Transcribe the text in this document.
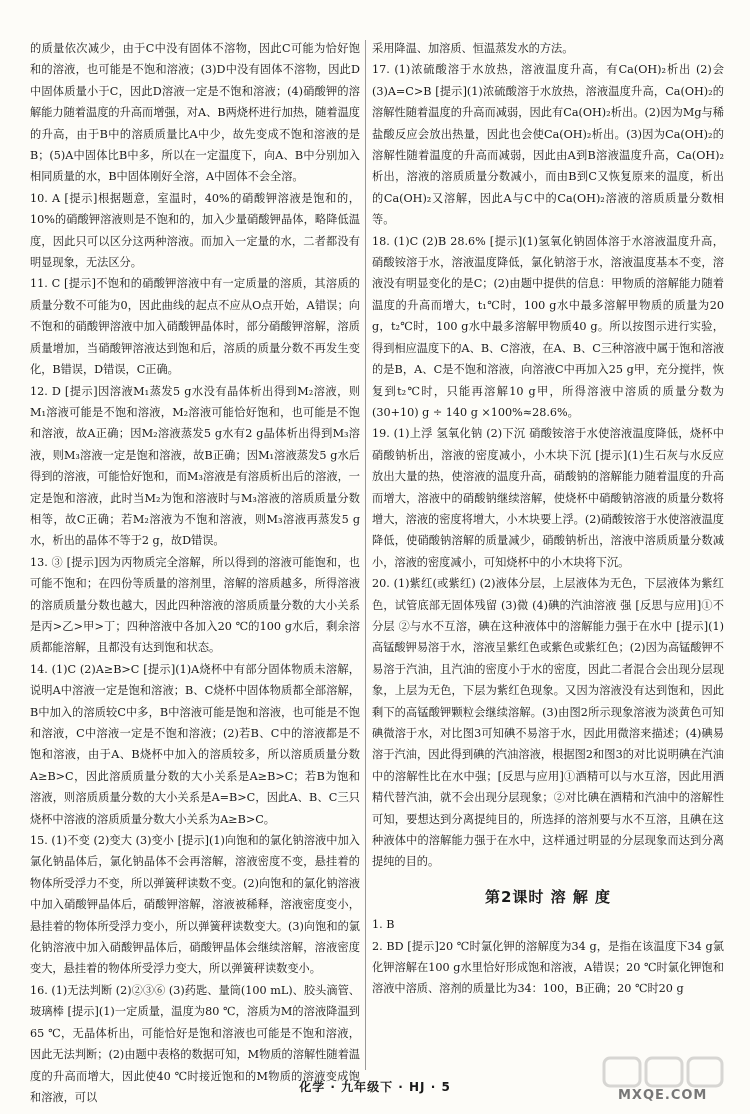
的质量依次减少，由于C中没有固体不溶物，因此C可能为恰好饱和的溶液，也可能是不饱和溶液；(3)D中没有固体不溶物，因此D中固体质量小于C，因此D溶液一定是不饱和溶液；(4)硝酸钾的溶解能力随着温度的升高而增强，对A、B两烧杯进行加热，随着温度的升高，由于B中的溶质质量比A中少，故先变成不饱和溶液的是B；(5)A中固体比B中多，所以在一定温度下，向A、B中分别加入相同质量的水，B中固体刚好全溶，A中固体不会全溶。

10. A [提示]根据题意，室温时，40%的硝酸钾溶液是饱和的，10%的硝酸钾溶液则是不饱和的，加入少量硝酸钾晶体，略降低温度，因此只可以区分这两种溶液。而加入一定量的水，二者都没有明显现象，无法区分。

11. C [提示]不饱和的硝酸钾溶液中有一定质量的溶质，其溶质的质量分数不可能为0，因此曲线的起点不应从O点开始，A错误；向不饱和的硝酸钾溶液中加入硝酸钾晶体时，部分硝酸钾溶解，溶质质量增加，当硝酸钾溶液达到饱和后，溶质的质量分数不再发生变化，B错误，D错误，C正确。

12. D [提示]因溶液M₁蒸发5 g水没有晶体析出得到M₂溶液，则M₁溶液可能是不饱和溶液，M₂溶液可能恰好饱和，也可能是不饱和溶液，故A正确；因M₂溶液蒸发5 g水有2 g晶体析出得到M₃溶液，则M₃溶液一定是饱和溶液，故B正确；因M₁溶液蒸发5 g水后得到的溶液，可能恰好饱和，而M₃溶液是有溶质析出后的溶液，一定是饱和溶液，此时当M₂为饱和溶液时与M₃溶液的溶质质量分数相等，故C正确；若M₂溶液为不饱和溶液，则M₃溶液再蒸发5 g水，析出的晶体不等于2 g，故D错误。

13. ③ [提示]因为丙物质完全溶解，所以得到的溶液可能饱和，也可能不饱和；在四份等质量的溶剂里，溶解的溶质越多，所得溶液的溶质质量分数也越大，因此四种溶液的溶质质量分数的大小关系是丙>乙>甲>丁；四种溶液中各加入20 ℃的100 g水后，剩余溶质都能溶解，且都没有达到饱和状态。

14. (1)C (2)A≥B>C [提示](1)A烧杯中有部分固体物质未溶解，说明A中溶液一定是饱和溶液；B、C烧杯中固体物质都全部溶解，B中加入的溶质较C中多，B中溶液可能是饱和溶液，也可能是不饱和溶液，C中溶液一定是不饱和溶液；(2)若B、C中的溶液都是不饱和溶液，由于A、B烧杯中加入的溶质较多，所以溶质质量分数A≥B>C，因此溶质质量分数的大小关系是A≥B>C；若B为饱和溶液，则溶质质量分数的大小关系是A=B>C，因此A、B、C三只烧杯中溶液的溶质质量分数大小关系为A≥B>C。

15. (1)不变 (2)变大 (3)变小 [提示](1)向饱和的氯化钠溶液中加入氯化钠晶体后，氯化钠晶体不会再溶解，溶液密度不变，悬挂着的物体所受浮力不变，所以弹簧秤读数不变。(2)向饱和的氯化钠溶液中加入硝酸钾晶体后，硝酸钾溶解，溶液被稀释，溶液密度变小，悬挂着的物体所受浮力变小，所以弹簧秤读数变大。(3)向饱和的氯化钠溶液中加入硝酸钾晶体后，硝酸钾晶体会继续溶解，溶液密度变大，悬挂着的物体所受浮力变大，所以弹簧秤读数变小。

16. (1)无法判断 (2)②③⑥ (3)药匙、量筒(100 mL)、胶头滴管、玻璃棒 [提示](1)一定质量，温度为80 ℃，溶质为M的溶液降温到65 ℃，无晶体析出，可能恰好是饱和溶液也可能是不饱和溶液，因此无法判断；(2)由题中表格的数据可知，M物质的溶解性随着温度的升高而增大，因此使40 ℃时接近饱和的M物质的溶液变成饱和溶液，可以

采用降温、加溶质、恒温蒸发水的方法。

17. (1)浓硫酸溶于水放热，溶液温度升高，有Ca(OH)₂析出 (2)会 (3)A=C>B [提示](1)浓硫酸溶于水放热，溶液温度升高，Ca(OH)₂的溶解性随着温度的升高而减弱，因此有Ca(OH)₂析出。(2)因为Mg与稀盐酸反应会放出热量，因此也会使Ca(OH)₂析出。(3)因为Ca(OH)₂的溶解性随着温度的升高而减弱，因此由A到B溶液温度升高，Ca(OH)₂析出，溶液的溶质质量分数减小，而由B到C又恢复原来的温度，析出的Ca(OH)₂又溶解，因此A与C中的Ca(OH)₂溶液的溶质质量分数相等。

18. (1)C (2)B 28.6% [提示](1)氢氧化钠固体溶于水溶液温度升高，硝酸铵溶于水，溶液温度降低，氯化钠溶于水，溶液温度基本不变，溶液没有明显变化的是C；(2)由题中提供的信息：甲物质的溶解能力随着温度的升高而增大，t₁℃时，100 g水中最多溶解甲物质的质量为20 g，t₂℃时，100 g水中最多溶解甲物质40 g。所以按图示进行实验，得到相应温度下的A、B、C溶液，在A、B、C三种溶液中属于饱和溶液的是B，A、C是不饱和溶液，向溶液C中再加入25 g甲，充分搅拌，恢复到t₂℃时，只能再溶解10 g甲，所得溶液中溶质的质量分数为 (30+10) g ÷ 140 g ×100%≈28.6%。

19. (1)上浮 氢氧化钠 (2)下沉 硝酸铵溶于水使溶液温度降低，烧杯中硝酸钠析出，溶液的密度减小，小木块下沉 [提示](1)生石灰与水反应放出大量的热，使溶液的温度升高，硝酸钠的溶解能力随着温度的升高而增大，溶液中的硝酸钠继续溶解，使烧杯中硝酸钠溶液的质量分数将增大，溶液的密度将增大，小木块要上浮。(2)硝酸铵溶于水使溶液温度降低，使硝酸钠溶解的质量减少，硝酸钠析出，溶液中溶质质量分数减小，溶液的密度减小，可知烧杯中的小木块将下沉。

20. (1)紫红(或紫红) (2)液体分层，上层液体为无色，下层液体为紫红色，试管底部无固体残留 (3)微 (4)碘的汽油溶液 强 [反思与应用]①不分层 ②与水不互溶，碘在这种液体中的溶解能力强于在水中 [提示](1)高锰酸钾易溶于水，溶液呈紫红色或紫色或紫红色；(2)因为高锰酸钾不易溶于汽油，且汽油的密度小于水的密度，因此二者混合会出现分层现象，上层为无色，下层为紫红色现象。又因为溶液没有达到饱和，因此剩下的高锰酸钾颗粒会继续溶解。(3)由图2所示现象溶液为淡黄色可知碘微溶于水，对比图3可知碘不易溶于水，因此用微溶来描述；(4)碘易溶于汽油，因此得到碘的汽油溶液，根据图2和图3的对比说明碘在汽油中的溶解性比在水中强；[反思与应用]①酒精可以与水互溶，因此用酒精代替汽油，就不会出现分层现象；②对比碘在酒精和汽油中的溶解性可知，要想达到分离提纯目的，所选择的溶剂要与水不互溶，且碘在这种液体中的溶解能力强于在水中，这样通过明显的分层现象而达到分离提纯的目的。

第2课时 溶 解 度

1. B

2. BD [提示]20 ℃时氯化钾的溶解度为34 g，是指在该温度下34 g氯化钾溶解在100 g水里恰好形成饱和溶液，A错误；20 ℃时氯化钾饱和溶液中溶质、溶剂的质量比为34：100，B正确；20 ℃时20 g

化学 · 九年级下 · HJ · 5
MXQE.COM
